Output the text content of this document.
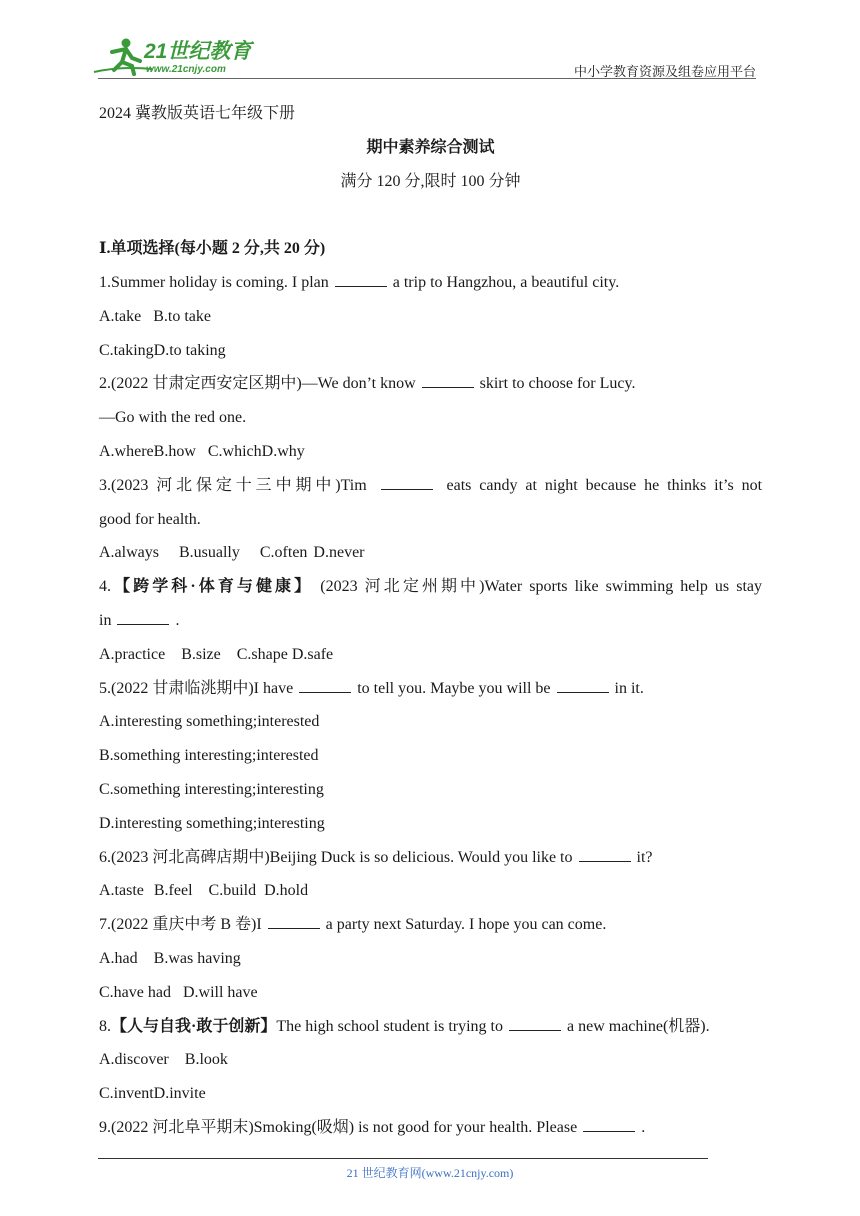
21世纪教育
www.21cnjy.com	中小学教育资源及组卷应用平台
2024 冀教版英语七年级下册
期中素养综合测试
满分 120 分,限时 100 分钟
Ⅰ.单项选择(每小题 2 分,共 20 分)
1.Summer holiday is coming. I plan	a trip to Hangzhou, a beautiful city.
A.take B.to take
C.takingD.to taking
2.(2022 甘肃定西安定区期中)—We don’t know	skirt to choose for Lucy.
—Go with the red one.
A.whereB.how C.whichD.why
3.(2023 河北保定十三中期中)Tim	eats candy at night because he thinks it’s not
good for health.
A.always B.usually C.often D.never
4.【跨学科·体育与健康】 (2023 河北定州期中)Water sports like swimming help us stay
in	.
A.practice B.size C.shape D.safe
5.(2022 甘肃临洮期中)I have	to tell you. Maybe you will be	in it.
A.interesting something;interested
B.something interesting;interested
C.something interesting;interesting
D.interesting something;interesting
6.(2023 河北高碑店期中)Beijing Duck is so delicious. Would you like to	it?
A.taste B.feel C.build D.hold
7.(2022 重庆中考 B 卷)I	a party next Saturday. I hope you can come.
A.had B.was having
C.have had D.will have
8.【人与自我·敢于创新】The high school student is trying to	a new machine(机器).
A.discover B.look
C.inventD.invite
9.(2022 河北阜平期末)Smoking(吸烟) is not good for your health. Please	.
21 世纪教育网(www.21cnjy.com)
